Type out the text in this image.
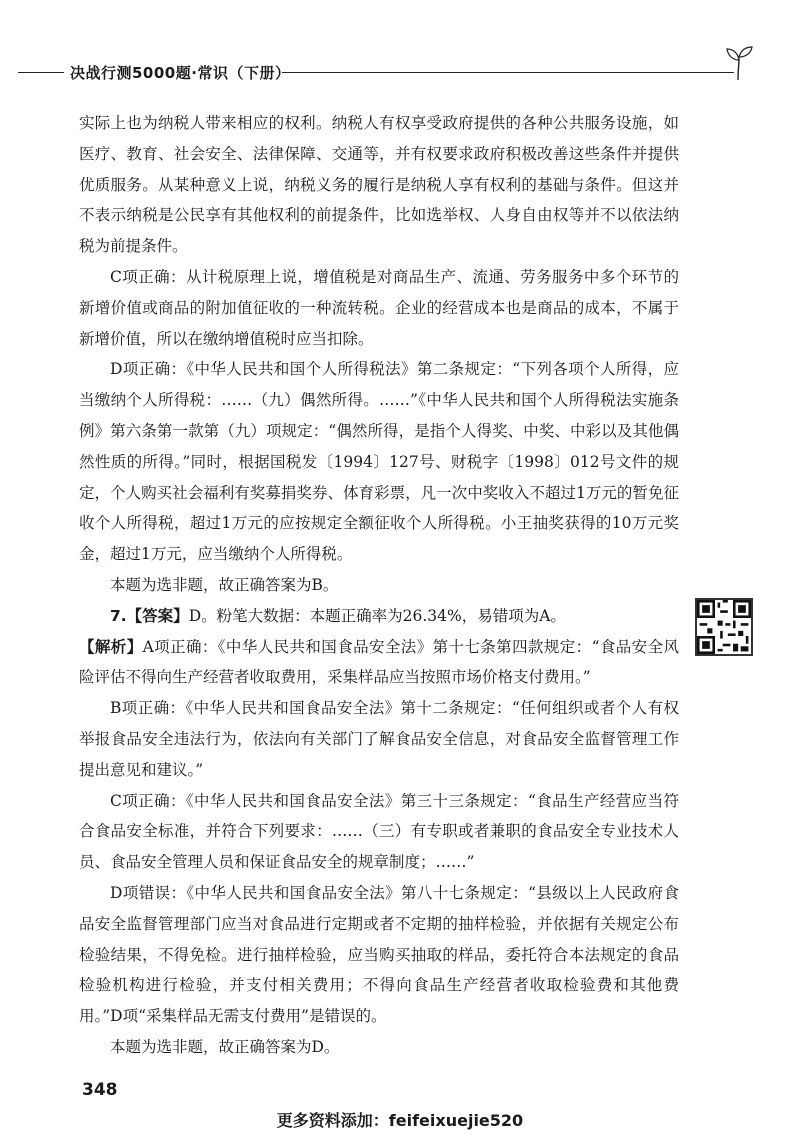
决战行测5000题·常识（下册）

实际上也为纳税人带来相应的权利。纳税人有权享受政府提供的各种公共服务设施，如医疗、教育、社会安全、法律保障、交通等，并有权要求政府积极改善这些条件并提供优质服务。从某种意义上说，纳税义务的履行是纳税人享有权利的基础与条件。但这并不表示纳税是公民享有其他权利的前提条件，比如选举权、人身自由权等并不以依法纳税为前提条件。

C项正确：从计税原理上说，增值税是对商品生产、流通、劳务服务中多个环节的新增价值或商品的附加值征收的一种流转税。企业的经营成本也是商品的成本，不属于新增价值，所以在缴纳增值税时应当扣除。

D项正确：《中华人民共和国个人所得税法》第二条规定：“下列各项个人所得，应当缴纳个人所得税：……（九）偶然所得。……”《中华人民共和国个人所得税法实施条例》第六条第一款第（九）项规定：“偶然所得，是指个人得奖、中奖、中彩以及其他偶然性质的所得。”同时，根据国税发〔1994〕127号、财税字〔1998〕012号文件的规定，个人购买社会福利有奖募捐奖券、体育彩票，凡一次中奖收入不超过1万元的暂免征收个人所得税，超过1万元的应按规定全额征收个人所得税。小王抽奖获得的10万元奖金，超过1万元，应当缴纳个人所得税。

本题为选非题，故正确答案为B。

7.【答案】D。粉笔大数据：本题正确率为26.34%，易错项为A。

【解析】A项正确：《中华人民共和国食品安全法》第十七条第四款规定：“食品安全风险评估不得向生产经营者收取费用，采集样品应当按照市场价格支付费用。”

B项正确：《中华人民共和国食品安全法》第十二条规定：“任何组织或者个人有权举报食品安全违法行为，依法向有关部门了解食品安全信息，对食品安全监督管理工作提出意见和建议。”

C项正确：《中华人民共和国食品安全法》第三十三条规定：“食品生产经营应当符合食品安全标准，并符合下列要求：……（三）有专职或者兼职的食品安全专业技术人员、食品安全管理人员和保证食品安全的规章制度；……”

D项错误：《中华人民共和国食品安全法》第八十七条规定：“县级以上人民政府食品安全监督管理部门应当对食品进行定期或者不定期的抽样检验，并依据有关规定公布检验结果，不得免检。进行抽样检验，应当购买抽取的样品，委托符合本法规定的食品检验机构进行检验，并支付相关费用；不得向食品生产经营者收取检验费和其他费用。”D项“采集样品无需支付费用”是错误的。

本题为选非题，故正确答案为D。

348
更多资料添加：feifeixuejie520
